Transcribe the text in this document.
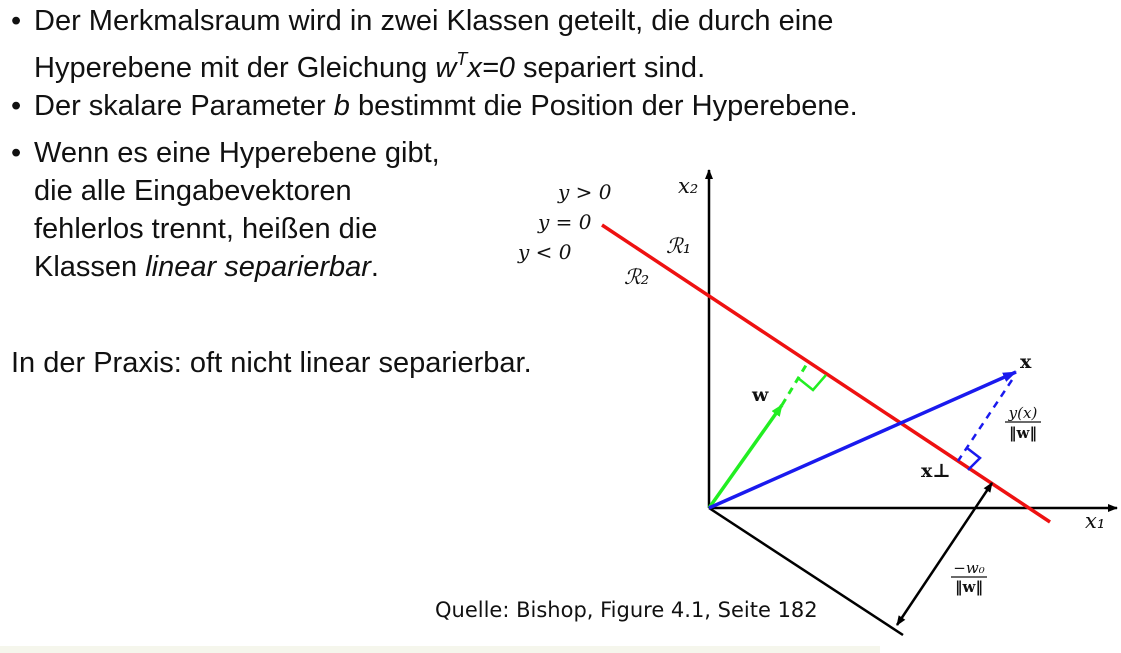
• Der Merkmalsraum wird in zwei Klassen geteilt, die durch eine
Hyperebene mit der Gleichung $w^Tx=0$ separiert sind.
• Der skalare Parameter b bestimmt die Position der Hyperebene.
• Wenn es eine Hyperebene gibt,
die alle Eingabevektoren
fehlerlos trennt, heißen die
Klassen linear separierbar.
In der Praxis: oft nicht linear separierbar.
y > 0
y = 0
y < 0
x₂
x₁
ℛ₁
ℛ₂
w
x
x⊥
y(x)
‖w‖
−w₀
‖w‖
Quelle: Bishop, Figure 4.1, Seite 182
